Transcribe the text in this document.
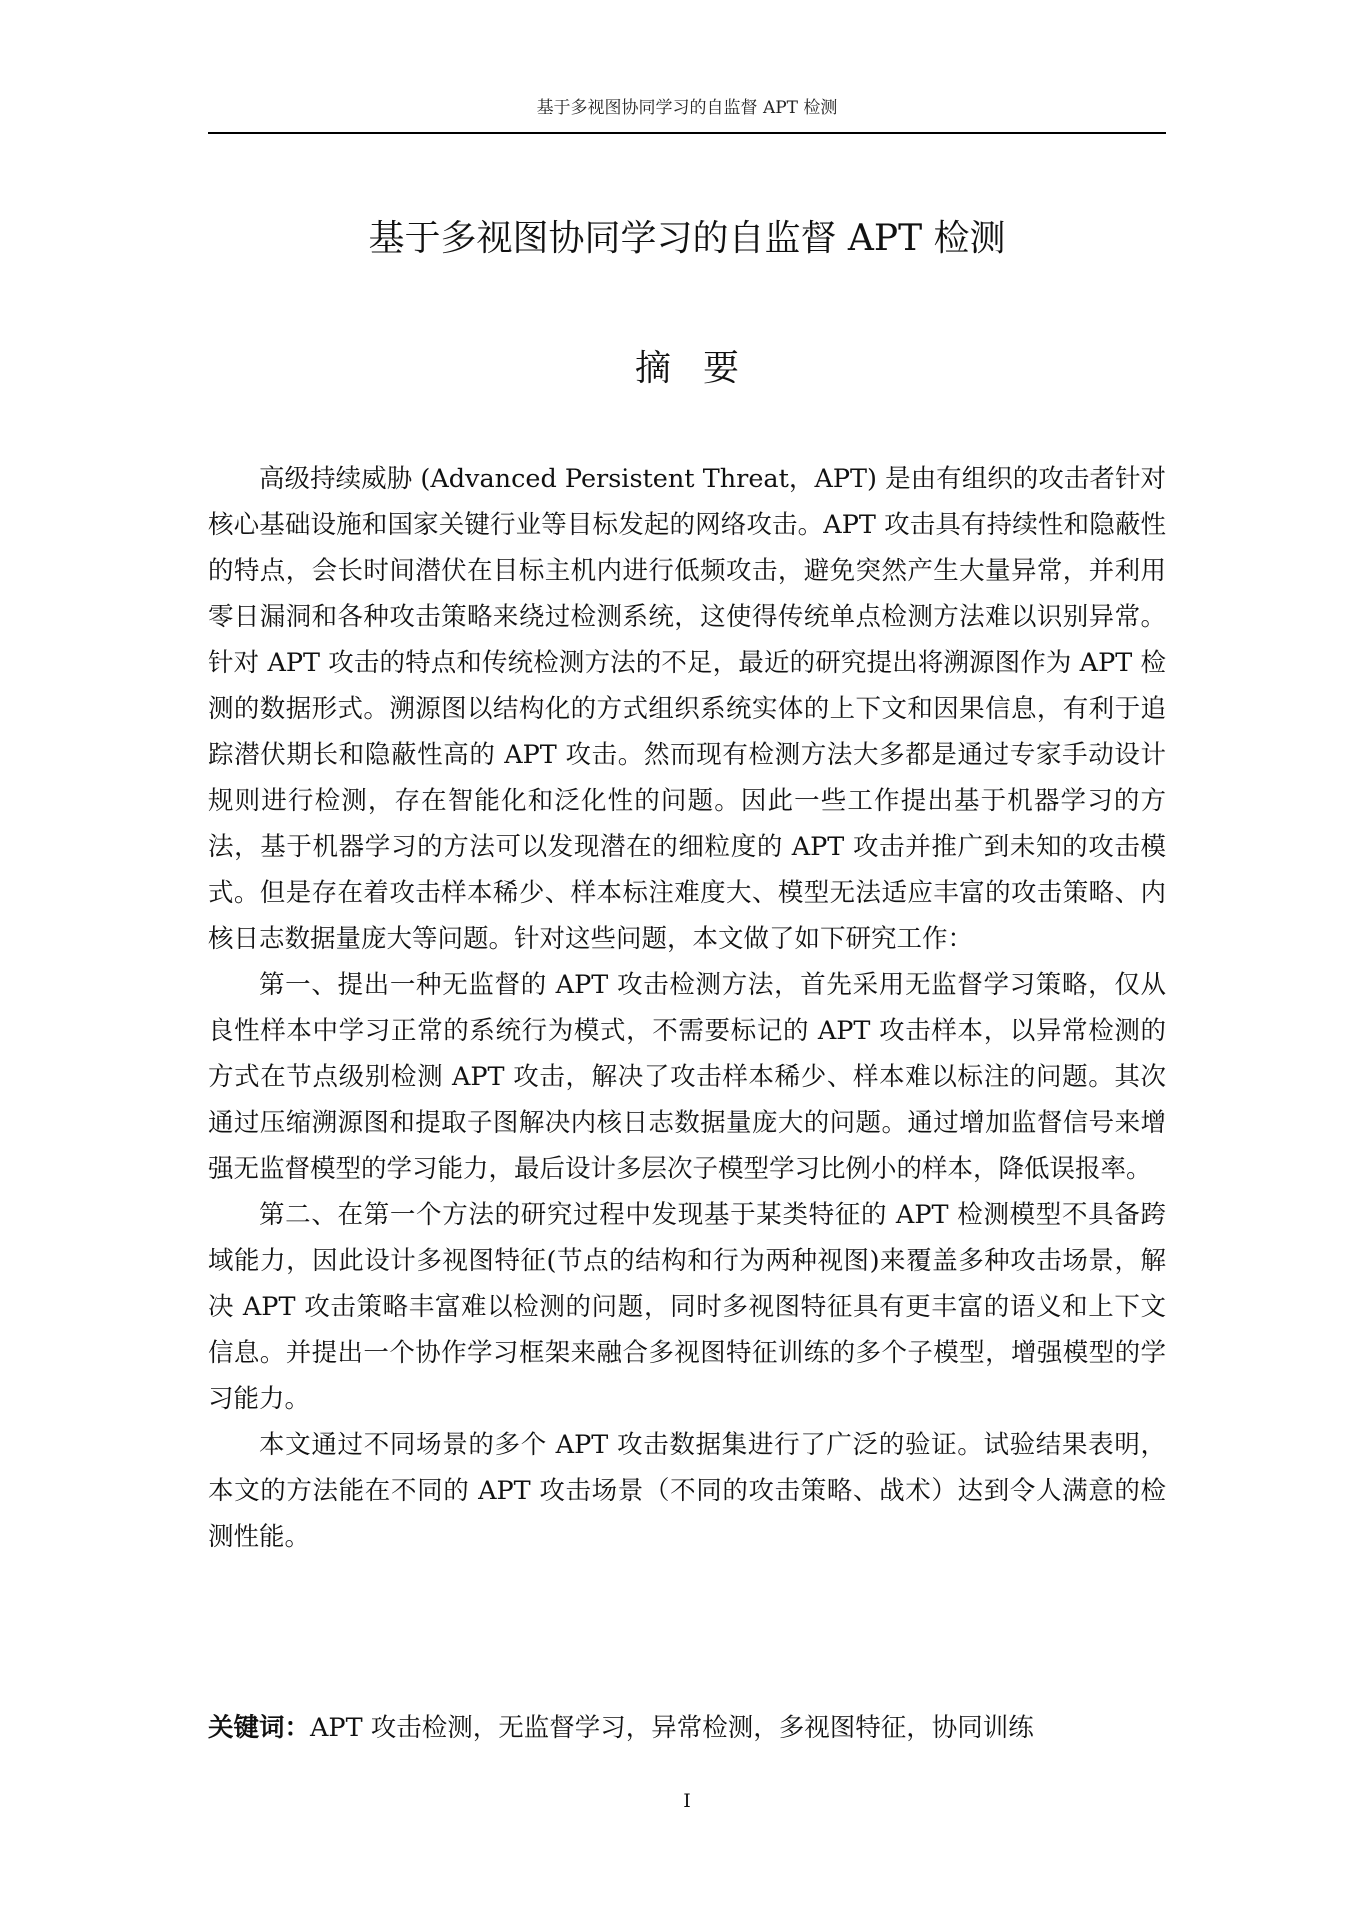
基于多视图协同学习的自监督 APT 检测
基于多视图协同学习的自监督 APT 检测
摘要

高级持续威胁 (Advanced Persistent Threat，APT) 是由有组织的攻击者针对核心基础设施和国家关键行业等目标发起的网络攻击。APT 攻击具有持续性和隐蔽性的特点，会长时间潜伏在目标主机内进行低频攻击，避免突然产生大量异常，并利用零日漏洞和各种攻击策略来绕过检测系统，这使得传统单点检测方法难以识别异常。针对 APT 攻击的特点和传统检测方法的不足，最近的研究提出将溯源图作为 APT 检测的数据形式。溯源图以结构化的方式组织系统实体的上下文和因果信息，有利于追踪潜伏期长和隐蔽性高的 APT 攻击。然而现有检测方法大多都是通过专家手动设计规则进行检测，存在智能化和泛化性的问题。因此一些工作提出基于机器学习的方法，基于机器学习的方法可以发现潜在的细粒度的 APT 攻击并推广到未知的攻击模式。但是存在着攻击样本稀少、样本标注难度大、模型无法适应丰富的攻击策略、内核日志数据量庞大等问题。针对这些问题，本文做了如下研究工作：

第一、提出一种无监督的 APT 攻击检测方法，首先采用无监督学习策略，仅从良性样本中学习正常的系统行为模式，不需要标记的 APT 攻击样本，以异常检测的方式在节点级别检测 APT 攻击，解决了攻击样本稀少、样本难以标注的问题。其次通过压缩溯源图和提取子图解决内核日志数据量庞大的问题。通过增加监督信号来增强无监督模型的学习能力，最后设计多层次子模型学习比例小的样本，降低误报率。

第二、在第一个方法的研究过程中发现基于某类特征的 APT 检测模型不具备跨域能力，因此设计多视图特征(节点的结构和行为两种视图)来覆盖多种攻击场景，解决 APT 攻击策略丰富难以检测的问题，同时多视图特征具有更丰富的语义和上下文信息。并提出一个协作学习框架来融合多视图特征训练的多个子模型，增强模型的学习能力。

本文通过不同场景的多个 APT 攻击数据集进行了广泛的验证。试验结果表明，本文的方法能在不同的 APT 攻击场景（不同的攻击策略、战术）达到令人满意的检测性能。

关键词：APT 攻击检测，无监督学习，异常检测，多视图特征，协同训练
I
